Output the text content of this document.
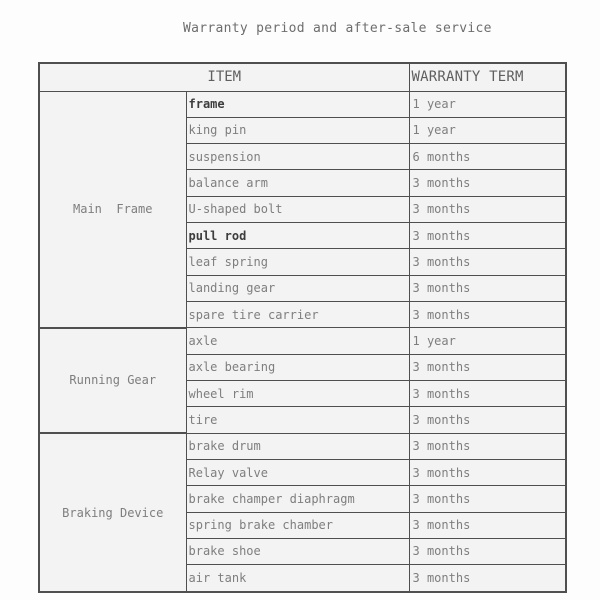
Warranty period and after-sale service
ITEM		WARRANTY TERM
Main  Frame	frame	1 year
	king pin	1 year
	suspension	6 months
	balance arm	3 months
	U-shaped bolt	3 months
	pull rod	3 months
	leaf spring	3 months
	landing gear	3 months
	spare tire carrier	3 months
Running Gear	axle	1 year
	axle bearing	3 months
	wheel rim	3 months
	tire	3 months
Braking Device	brake drum	3 months
	Relay valve	3 months
	brake champer diaphragm	3 months
	spring brake chamber	3 months
	brake shoe	3 months
	air tank	3 months
